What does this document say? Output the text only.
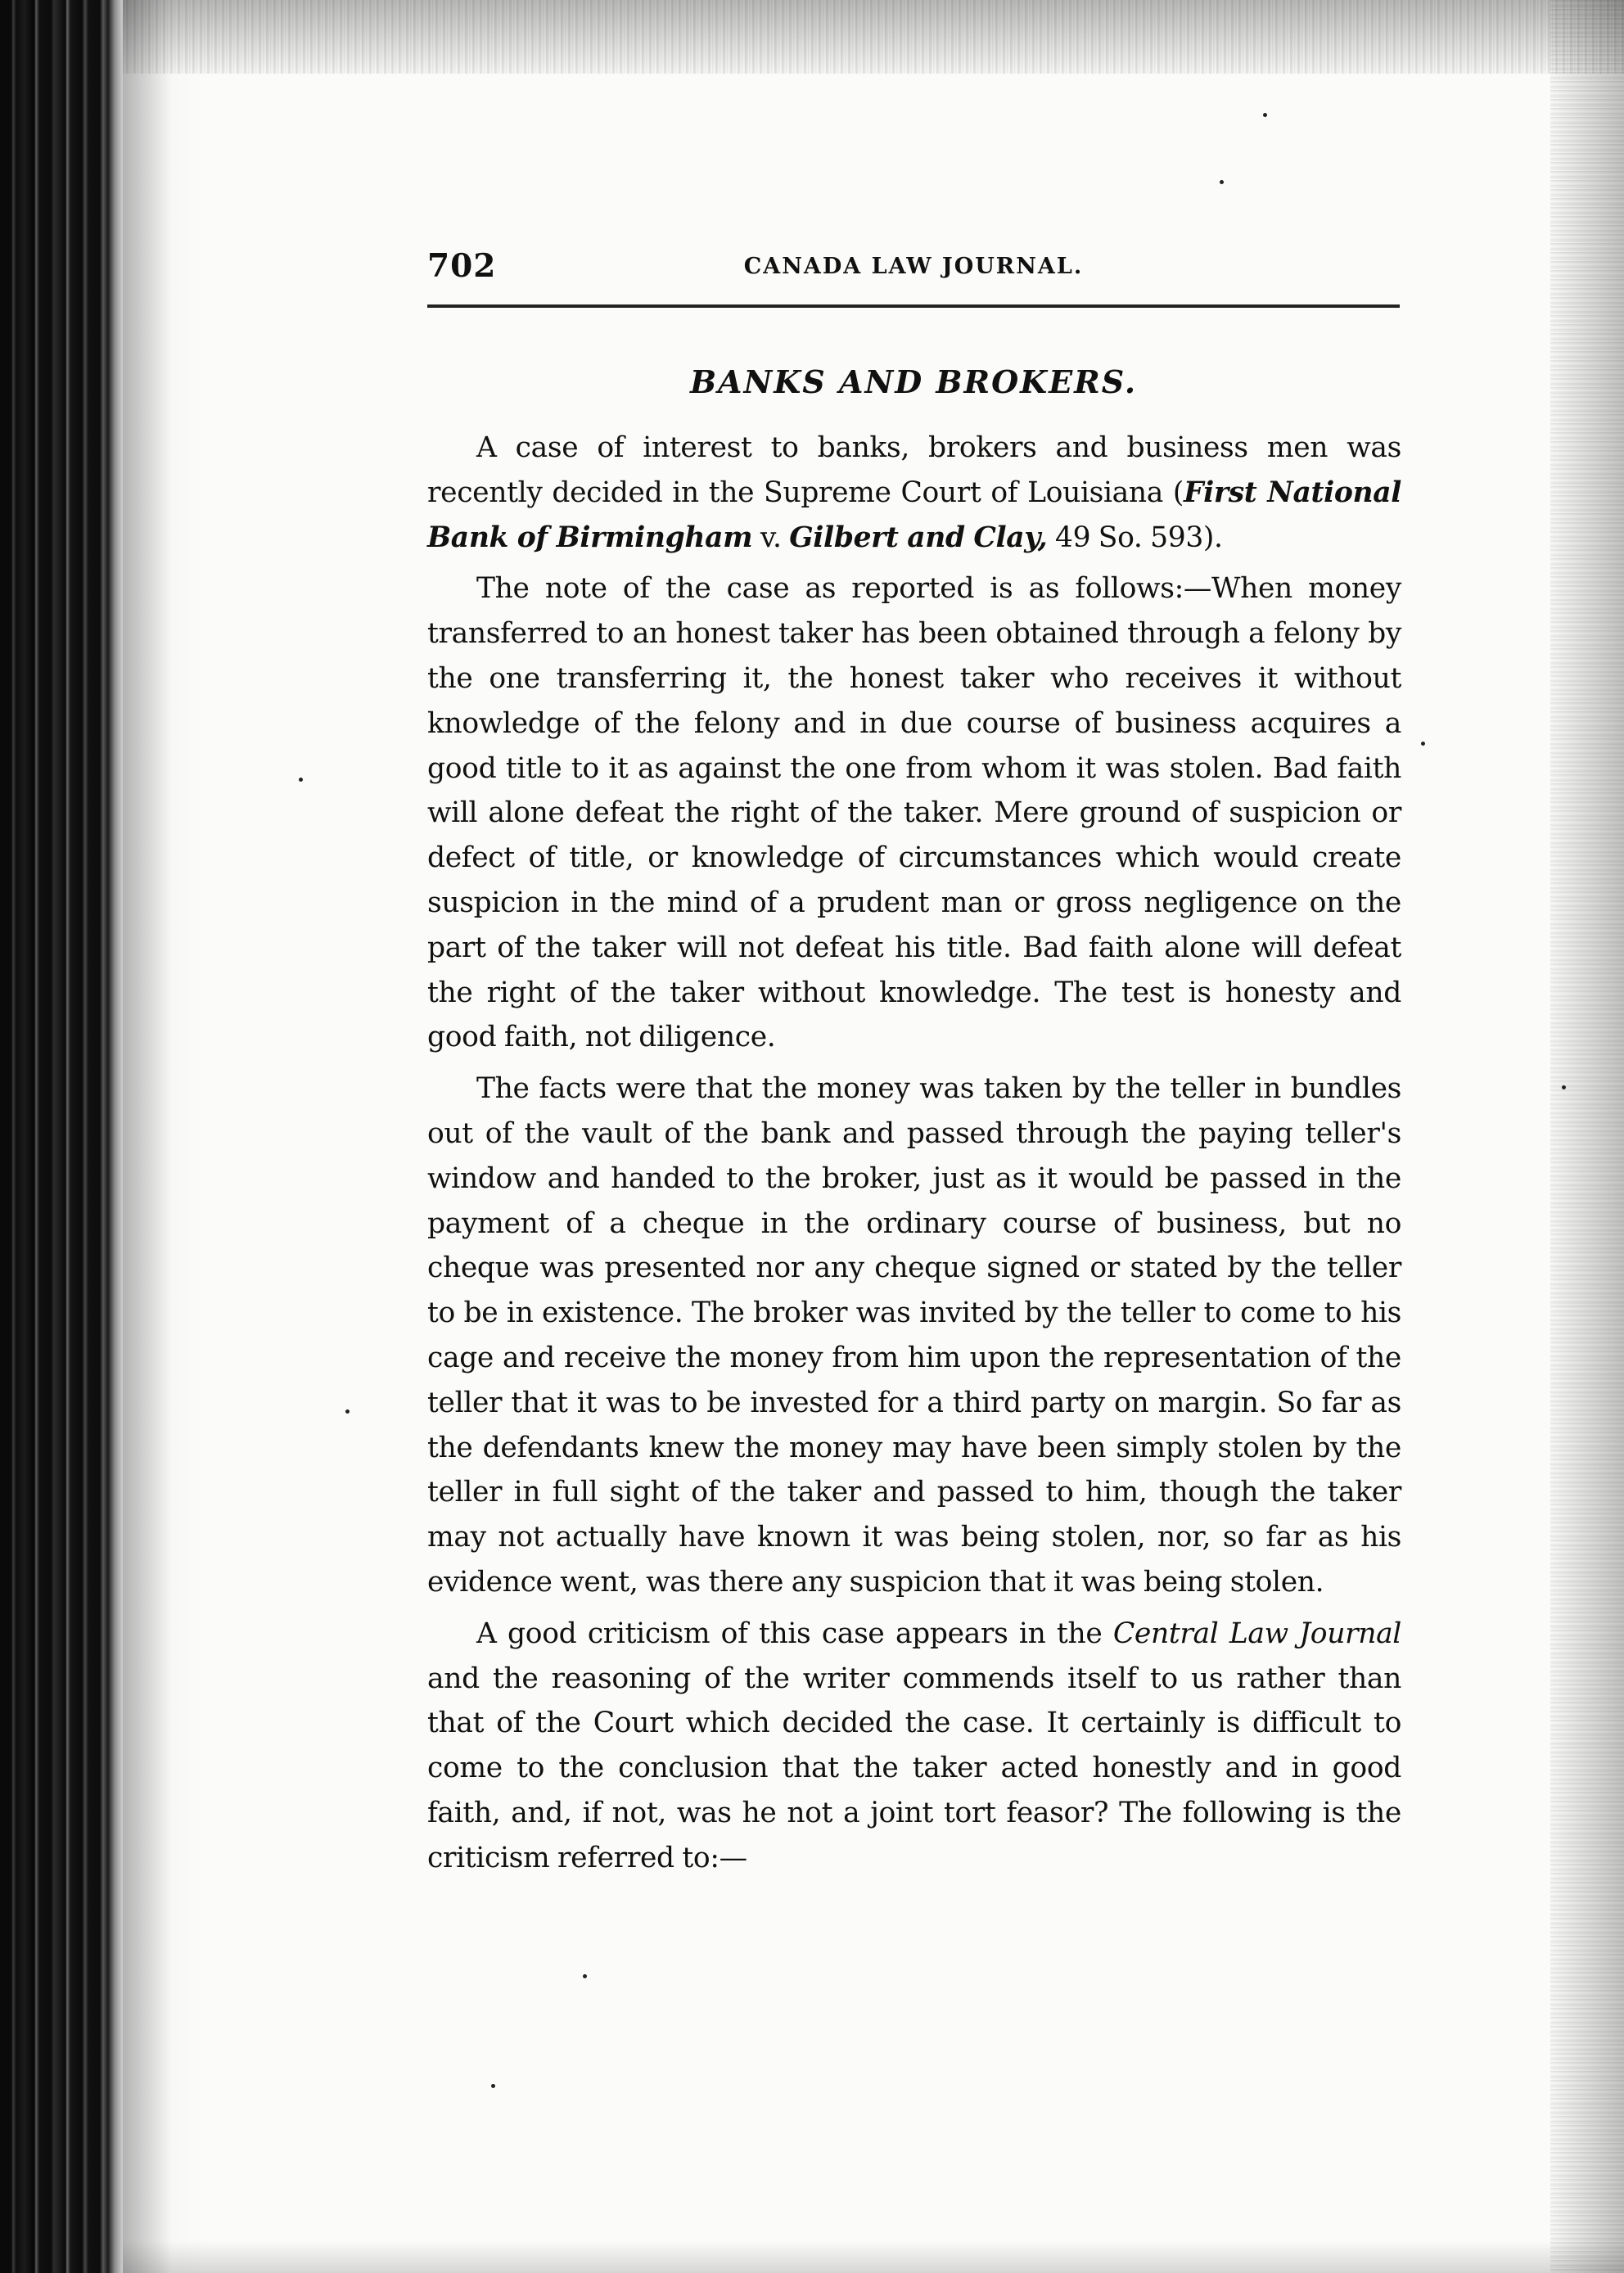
702	CANADA LAW JOURNAL.
BANKS AND BROKERS.

A case of interest to banks, brokers and business men was recently decided in the Supreme Court of Louisiana (First National Bank of Birmingham v. Gilbert and Clay, 49 So. 593).

The note of the case as reported is as follows:—When money transferred to an honest taker has been obtained through a felony by the one transferring it, the honest taker who receives it without knowledge of the felony and in due course of business acquires a good title to it as against the one from whom it was stolen. Bad faith will alone defeat the right of the taker. Mere ground of suspicion or defect of title, or knowledge of circumstances which would create suspicion in the mind of a prudent man or gross negligence on the part of the taker will not defeat his title. Bad faith alone will defeat the right of the taker without knowledge. The test is honesty and good faith, not diligence.

The facts were that the money was taken by the teller in bundles out of the vault of the bank and passed through the paying teller's window and handed to the broker, just as it would be passed in the payment of a cheque in the ordinary course of business, but no cheque was presented nor any cheque signed or stated by the teller to be in existence. The broker was invited by the teller to come to his cage and receive the money from him upon the representation of the teller that it was to be invested for a third party on margin. So far as the defendants knew the money may have been simply stolen by the teller in full sight of the taker and passed to him, though the taker may not actually have known it was being stolen, nor, so far as his evidence went, was there any suspicion that it was being stolen.

A good criticism of this case appears in the Central Law Journal and the reasoning of the writer commends itself to us rather than that of the Court which decided the case. It certainly is difficult to come to the conclusion that the taker acted honestly and in good faith, and, if not, was he not a joint tort feasor? The following is the criticism referred to:—
